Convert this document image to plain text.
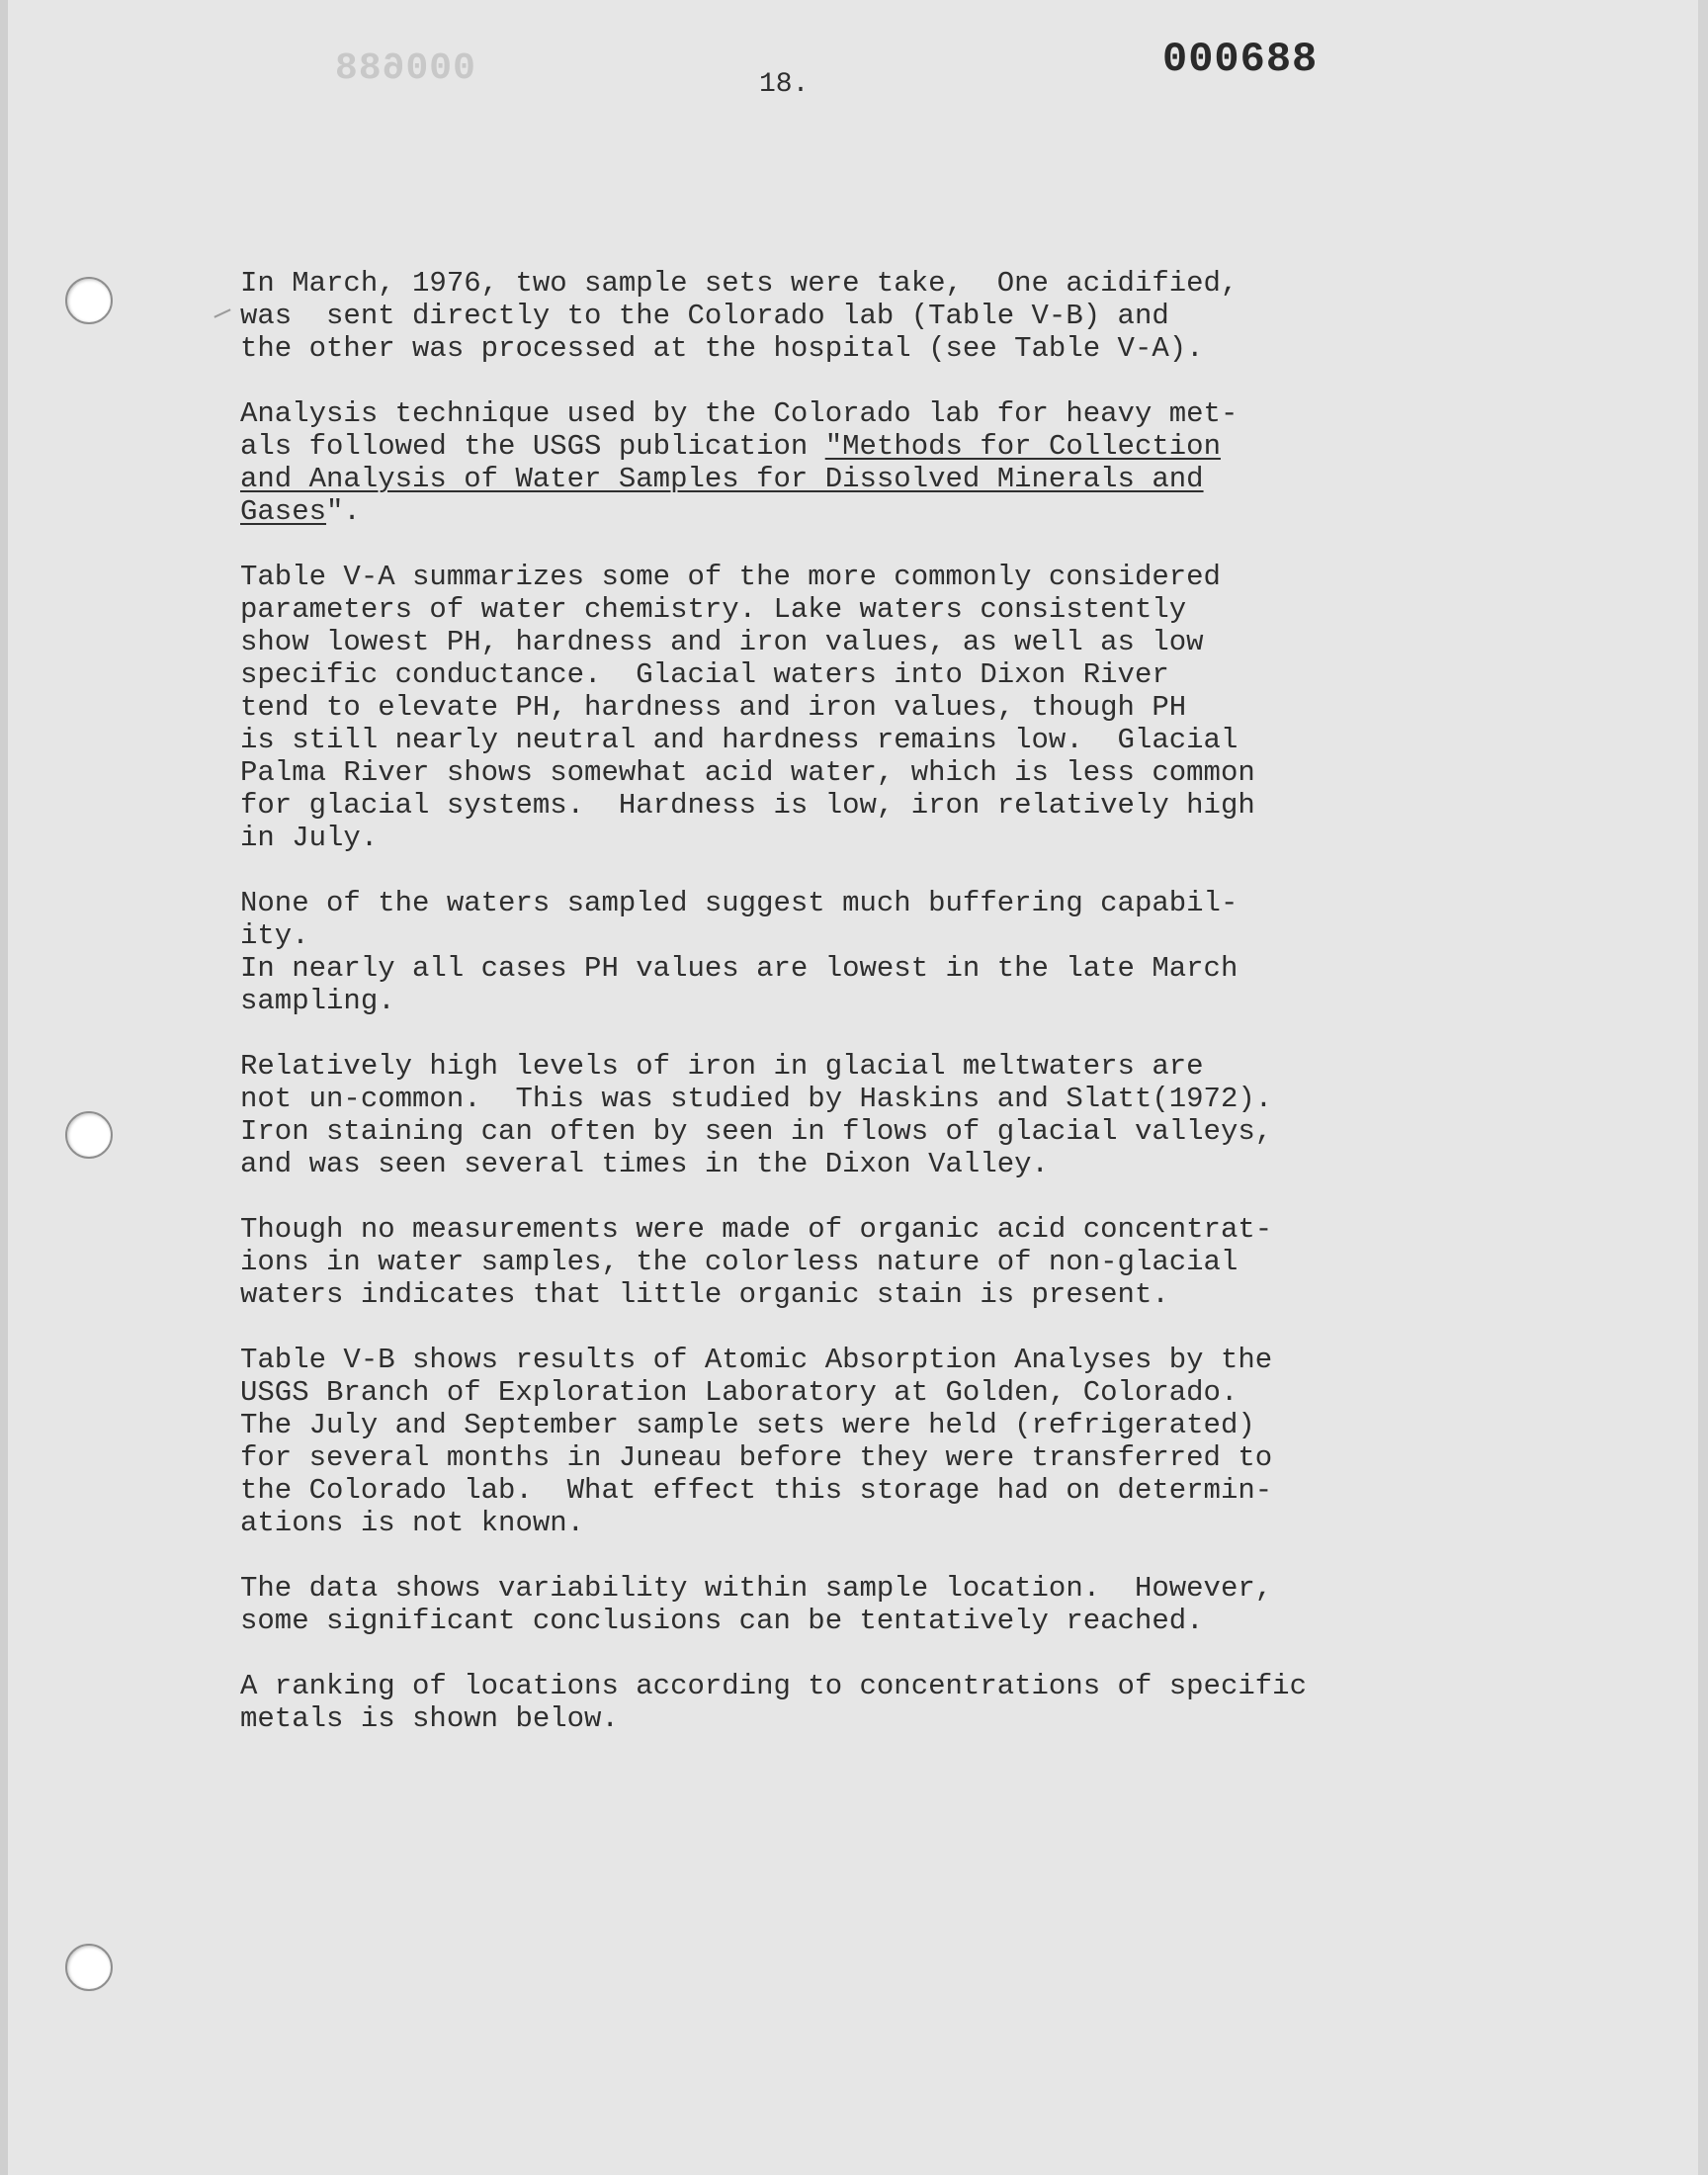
000688	000688
18.

In March, 1976, two sample sets were take,  One acidified,
was  sent directly to the Colorado lab (Table V-B) and
the other was processed at the hospital (see Table V-A).

Analysis technique used by the Colorado lab for heavy met-
als followed the USGS publication "Methods for Collection
and Analysis of Water Samples for Dissolved Minerals and
Gases".

Table V-A summarizes some of the more commonly considered
parameters of water chemistry. Lake waters consistently
show lowest PH, hardness and iron values, as well as low
specific conductance.  Glacial waters into Dixon River
tend to elevate PH, hardness and iron values, though PH
is still nearly neutral and hardness remains low.  Glacial
Palma River shows somewhat acid water, which is less common
for glacial systems.  Hardness is low, iron relatively high
in July.

None of the waters sampled suggest much buffering capabil-
ity.
In nearly all cases PH values are lowest in the late March
sampling.

Relatively high levels of iron in glacial meltwaters are
not un-common.  This was studied by Haskins and Slatt(1972).
Iron staining can often by seen in flows of glacial valleys,
and was seen several times in the Dixon Valley.

Though no measurements were made of organic acid concentrat-
ions in water samples, the colorless nature of non-glacial
waters indicates that little organic stain is present.

Table V-B shows results of Atomic Absorption Analyses by the
USGS Branch of Exploration Laboratory at Golden, Colorado.
The July and September sample sets were held (refrigerated)
for several months in Juneau before they were transferred to
the Colorado lab.  What effect this storage had on determin-
ations is not known.

The data shows variability within sample location.  However,
some significant conclusions can be tentatively reached.

A ranking of locations according to concentrations of specific
metals is shown below.
